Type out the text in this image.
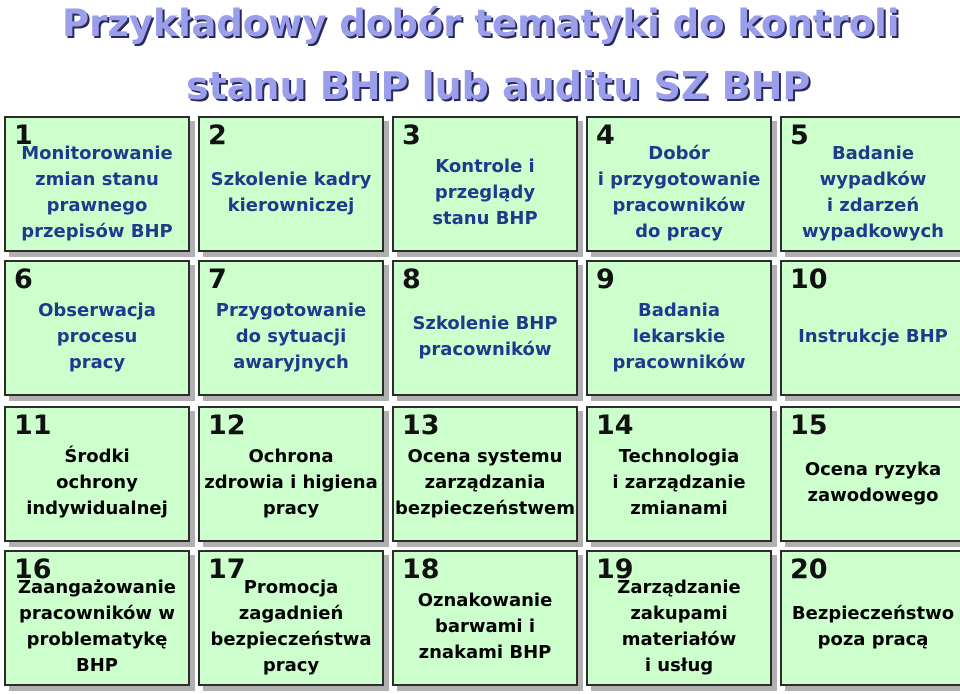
Przykładowy dobór tematyki do kontroli
stanu BHP lub auditu SZ BHP
1
Monitorowanie
zmian stanu
prawnego
przepisów BHP
2
Szkolenie kadry
kierowniczej
3
Kontrole i
przeglądy
stanu BHP
4
Dobór
i przygotowanie
pracowników
do pracy
5
Badanie
wypadków
i zdarzeń
wypadkowych
6
Obserwacja
procesu
pracy
7
Przygotowanie
do sytuacji
awaryjnych
8
Szkolenie BHP
pracowników
9
Badania
lekarskie
pracowników
10
Instrukcje BHP
11
Środki
ochrony
indywidualnej
12
Ochrona
zdrowia i higiena
pracy
13
Ocena systemu
zarządzania
bezpieczeństwem
14
Technologia
i zarządzanie
zmianami
15
Ocena ryzyka
zawodowego
16
Zaangażowanie
pracowników w
problematykę
BHP
17
Promocja
zagadnień
bezpieczeństwa
pracy
18
Oznakowanie
barwami i
znakami BHP
19
Zarządzanie
zakupami
materiałów
i usług
20
Bezpieczeństwo
poza pracą
